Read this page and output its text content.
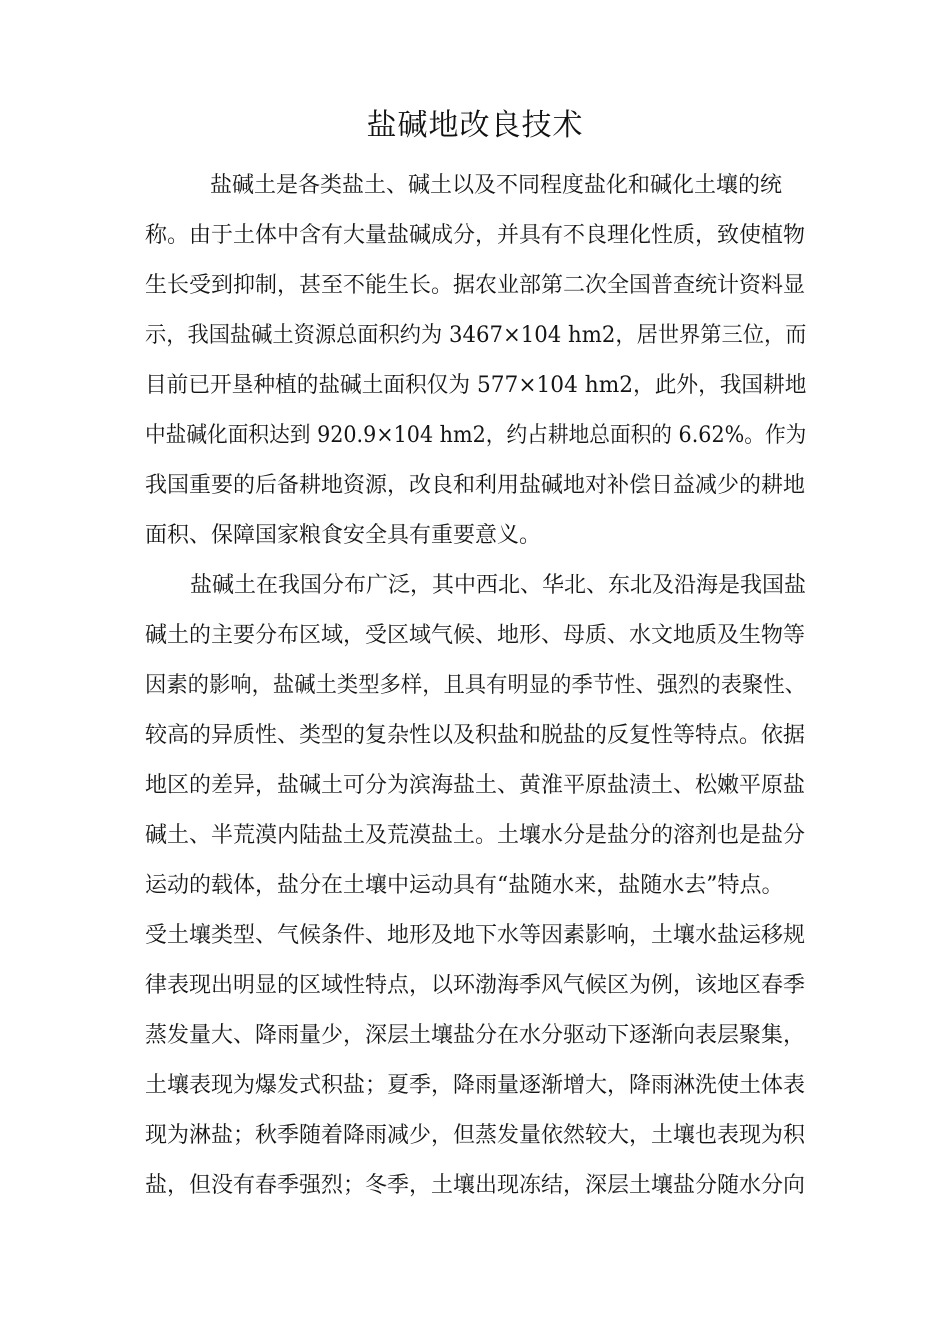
盐碱地改良技术
盐碱土是各类盐土、碱土以及不同程度盐化和碱化土壤的统
称。由于土体中含有大量盐碱成分，并具有不良理化性质，致使植物
生长受到抑制，甚至不能生长。据农业部第二次全国普查统计资料显
示，我国盐碱土资源总面积约为 3467×104 hm2，居世界第三位，而
目前已开垦种植的盐碱土面积仅为 577×104 hm2，此外，我国耕地
中盐碱化面积达到 920.9×104 hm2，约占耕地总面积的 6.62%。作为
我国重要的后备耕地资源，改良和利用盐碱地对补偿日益减少的耕地
面积、保障国家粮食安全具有重要意义。
盐碱土在我国分布广泛，其中西北、华北、东北及沿海是我国盐
碱土的主要分布区域，受区域气候、地形、母质、水文地质及生物等
因素的影响，盐碱土类型多样，且具有明显的季节性、强烈的表聚性、
较高的异质性、类型的复杂性以及积盐和脱盐的反复性等特点。依据
地区的差异，盐碱土可分为滨海盐土、黄淮平原盐渍土、松嫩平原盐
碱土、半荒漠内陆盐土及荒漠盐土。土壤水分是盐分的溶剂也是盐分
运动的载体，盐分在土壤中运动具有“盐随水来，盐随水去”特点。
受土壤类型、气候条件、地形及地下水等因素影响，土壤水盐运移规
律表现出明显的区域性特点，以环渤海季风气候区为例，该地区春季
蒸发量大、降雨量少，深层土壤盐分在水分驱动下逐渐向表层聚集，
土壤表现为爆发式积盐；夏季，降雨量逐渐增大，降雨淋洗使土体表
现为淋盐；秋季随着降雨减少，但蒸发量依然较大，土壤也表现为积
盐，但没有春季强烈；冬季，土壤出现冻结，深层土壤盐分随水分向
